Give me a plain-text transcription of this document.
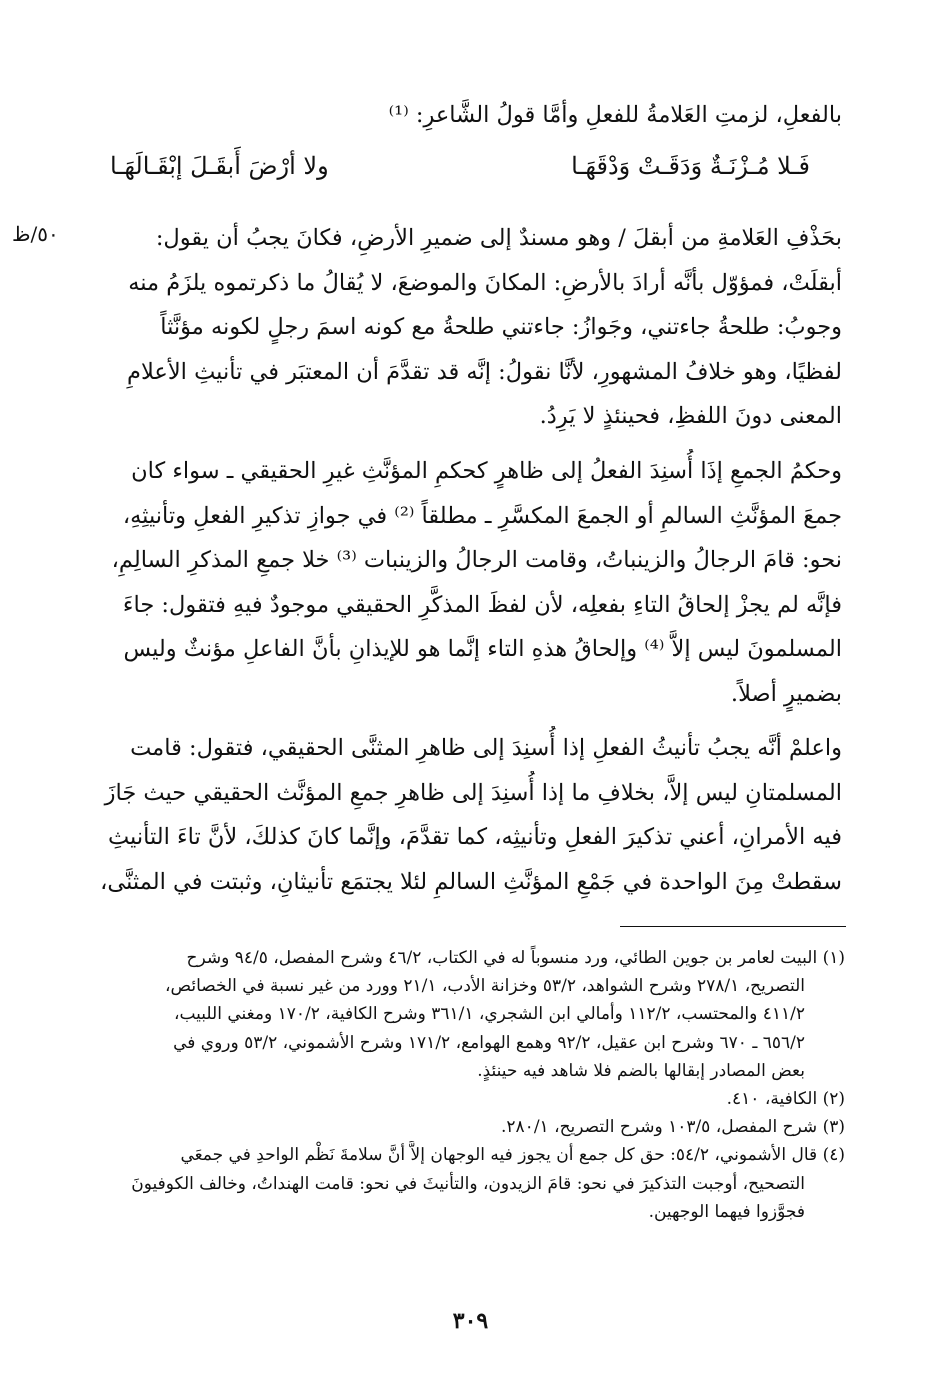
٥٠/ظ
بالفعلِ، لزمتِ العَلامةُ للفعلِ وأمَّا قولُ الشَّاعرِ: ⁽¹⁾
فَـلا مُـزْنَـةٌ وَدَقَـتْ وَدْقَهَـا
ولا أرْضَ أَبقَـلَ إبْقَـالَهَـا
بحَذْفِ العَلامةِ من أبقلَ / وهو مسندٌ إلى ضميرِ الأرضِ، فكانَ يجبُ أن يقول:
أبقلَتْ، فمؤوّل بأنَّه أرادَ بالأرضِ: المكانَ والموضعَ، لا يُقالُ ما ذكرتموه يلزَمُ منه
وجوبُ: طلحةُ جاءتني، وجَوازُ: جاءتني طلحةُ مع كونه اسمَ رجلٍ لكونه مؤنَّثاً
لفظيًا، وهو خلافُ المشهورِ، لأنَّا نقولُ: إنَّه قد تقدَّمَ أن المعتبَر في تأنيثِ الأعلامِ
المعنى دونَ اللفظِ، فحينئذٍ لا يَرِدُ.
وحكمُ الجمعِ إذَا أُسنِدَ الفعلُ إلى ظاهرٍ كحكمِ المؤنَّثِ غيرِ الحقيقي ـ سواء كان
جمعَ المؤنَّثِ السالمِ أو الجمعَ المكسَّرِ ـ مطلقاً ⁽²⁾ في جوازِ تذكيرِ الفعلِ وتأنيثِهِ،
نحو: قامَ الرجالُ والزينباتُ، وقامت الرجالُ والزينبات ⁽³⁾ خلا جمعِ المذكرِ السالِمِ،
فإنَّه لم يجزْ إلحاقُ التاءِ بفعلِه، لأن لفظَ المذكَّرِ الحقيقي موجودٌ فيهِ فتقول: جاءَ
المسلمونَ ليس إلاَّ ⁽⁴⁾ وإلحاقُ هذهِ التاء إنَّما هو للإيذانِ بأنَّ الفاعلِ مؤنثٌ وليس
بضميرٍ أصلاً.
واعلمْ أنَّه يجبُ تأنيثُ الفعلِ إذا أُسنِدَ إلى ظاهرِ المثنَّى الحقيقي، فتقول: قامت
المسلمتانِ ليس إلاَّ، بخلافِ ما إذا أُسنِدَ إلى ظاهرِ جمعِ المؤنَّث الحقيقي حيث جَازَ
فيه الأمرانِ، أعني تذكيرَ الفعلِ وتأنيثِه، كما تقدَّمَ، وإنَّما كانَ كذلكَ، لأنَّ تاءَ التأنيثِ
سقطتْ مِنَ الواحدة في جَمْعِ المؤنَّثِ السالمِ لئلا يجتمَع تأنيثانِ، وثبتت في المثنَّى،
(١) البيت لعامر بن جوين الطائي، ورد منسوباً له في الكتاب، ٤٦/٢ وشرح المفصل، ٩٤/٥ وشرح
التصريح، ٢٧٨/١ وشرح الشواهد، ٥٣/٢ وخزانة الأدب، ٢١/١ وورد من غير نسبة في الخصائص،
٤١١/٢ والمحتسب، ١١٢/٢ وأمالي ابن الشجري، ٣٦١/١ وشرح الكافية، ١٧٠/٢ ومغني اللبيب،
٦٥٦/٢ ـ ٦٧٠ وشرح ابن عقيل، ٩٢/٢ وهمع الهوامع، ١٧١/٢ وشرح الأشموني، ٥٣/٢ وروي في
بعض المصادر إبقالها بالضم فلا شاهد فيه حينئذٍ.
(٢) الكافية، ٤١٠.
(٣) شرح المفصل، ١٠٣/٥ وشرح التصريح، ٢٨٠/١.
(٤) قال الأشموني، ٥٤/٢: حق كل جمع أن يجوز فيه الوجهان إلاَّ أنَّ سلامةَ نَظْم الواحدِ في جمعَي
التصحيح، أوجبت التذكيرَ في نحو: قامَ الزيدون، والتأنيثَ في نحو: قامت الهنداتُ، وخالف الكوفيونَ
فجوَّزوا فيهما الوجهين.
٣٠٩
